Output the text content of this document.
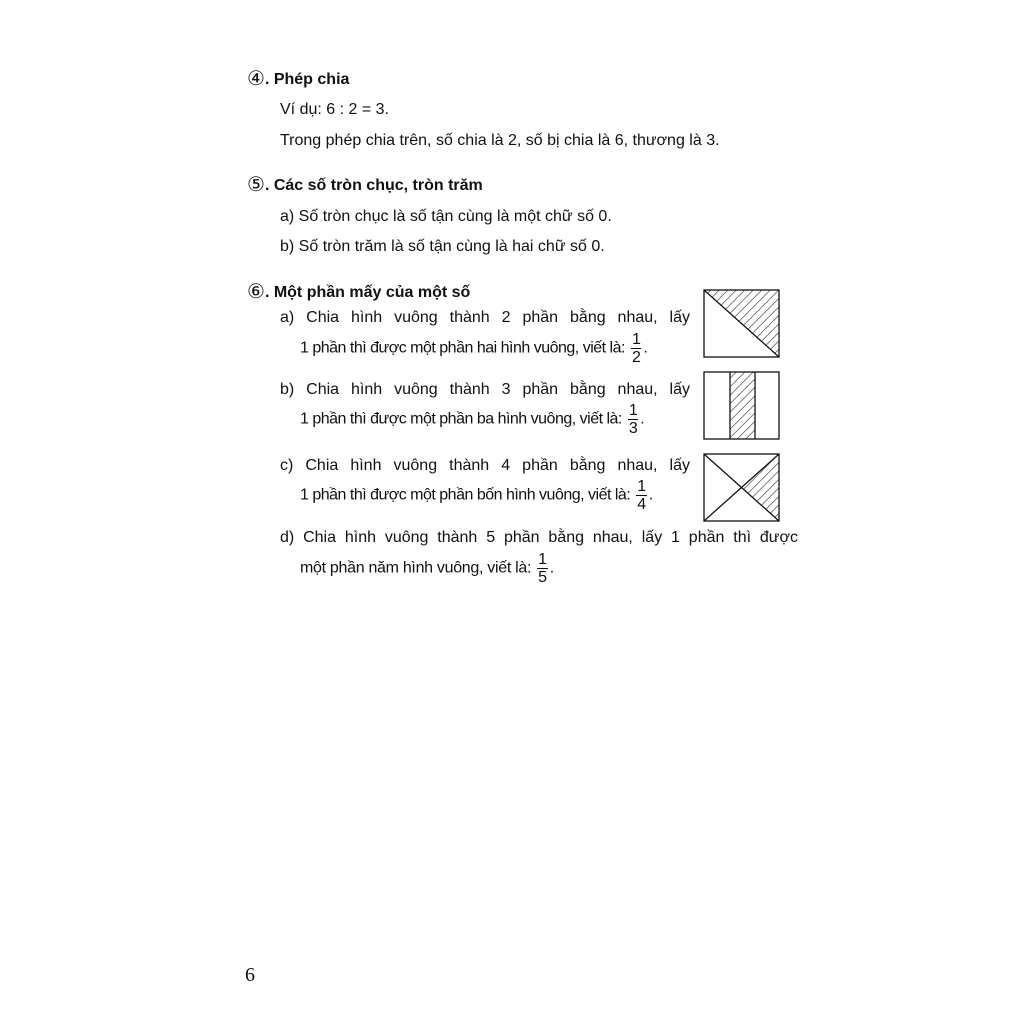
④. Phép chia
Ví dụ: 6 : 2 = 3.
Trong phép chia trên, số chia là 2, số bị chia là 6, thương là 3.
⑤. Các số tròn chục, tròn trăm
a) Số tròn chục là số tận cùng là một chữ số 0.
b) Số tròn trăm là số tận cùng là hai chữ số 0.
⑥. Một phần mấy của một số
a) Chia hình vuông thành 2 phần bằng nhau, lấy
1 phần thì được một phần hai hình vuông, viết là: $\frac{1}{2}$ .
b) Chia hình vuông thành 3 phần bằng nhau, lấy
1 phần thì được một phần ba hình vuông, viết là: $\frac{1}{3}$ .
c) Chia hình vuông thành 4 phần bằng nhau, lấy
1 phần thì được một phần bốn hình vuông, viết là: $\frac{1}{4}$ .
d) Chia hình vuông thành 5 phần bằng nhau, lấy 1 phần thì được
một phần năm hình vuông, viết là: $\frac{1}{5}$ .
6
